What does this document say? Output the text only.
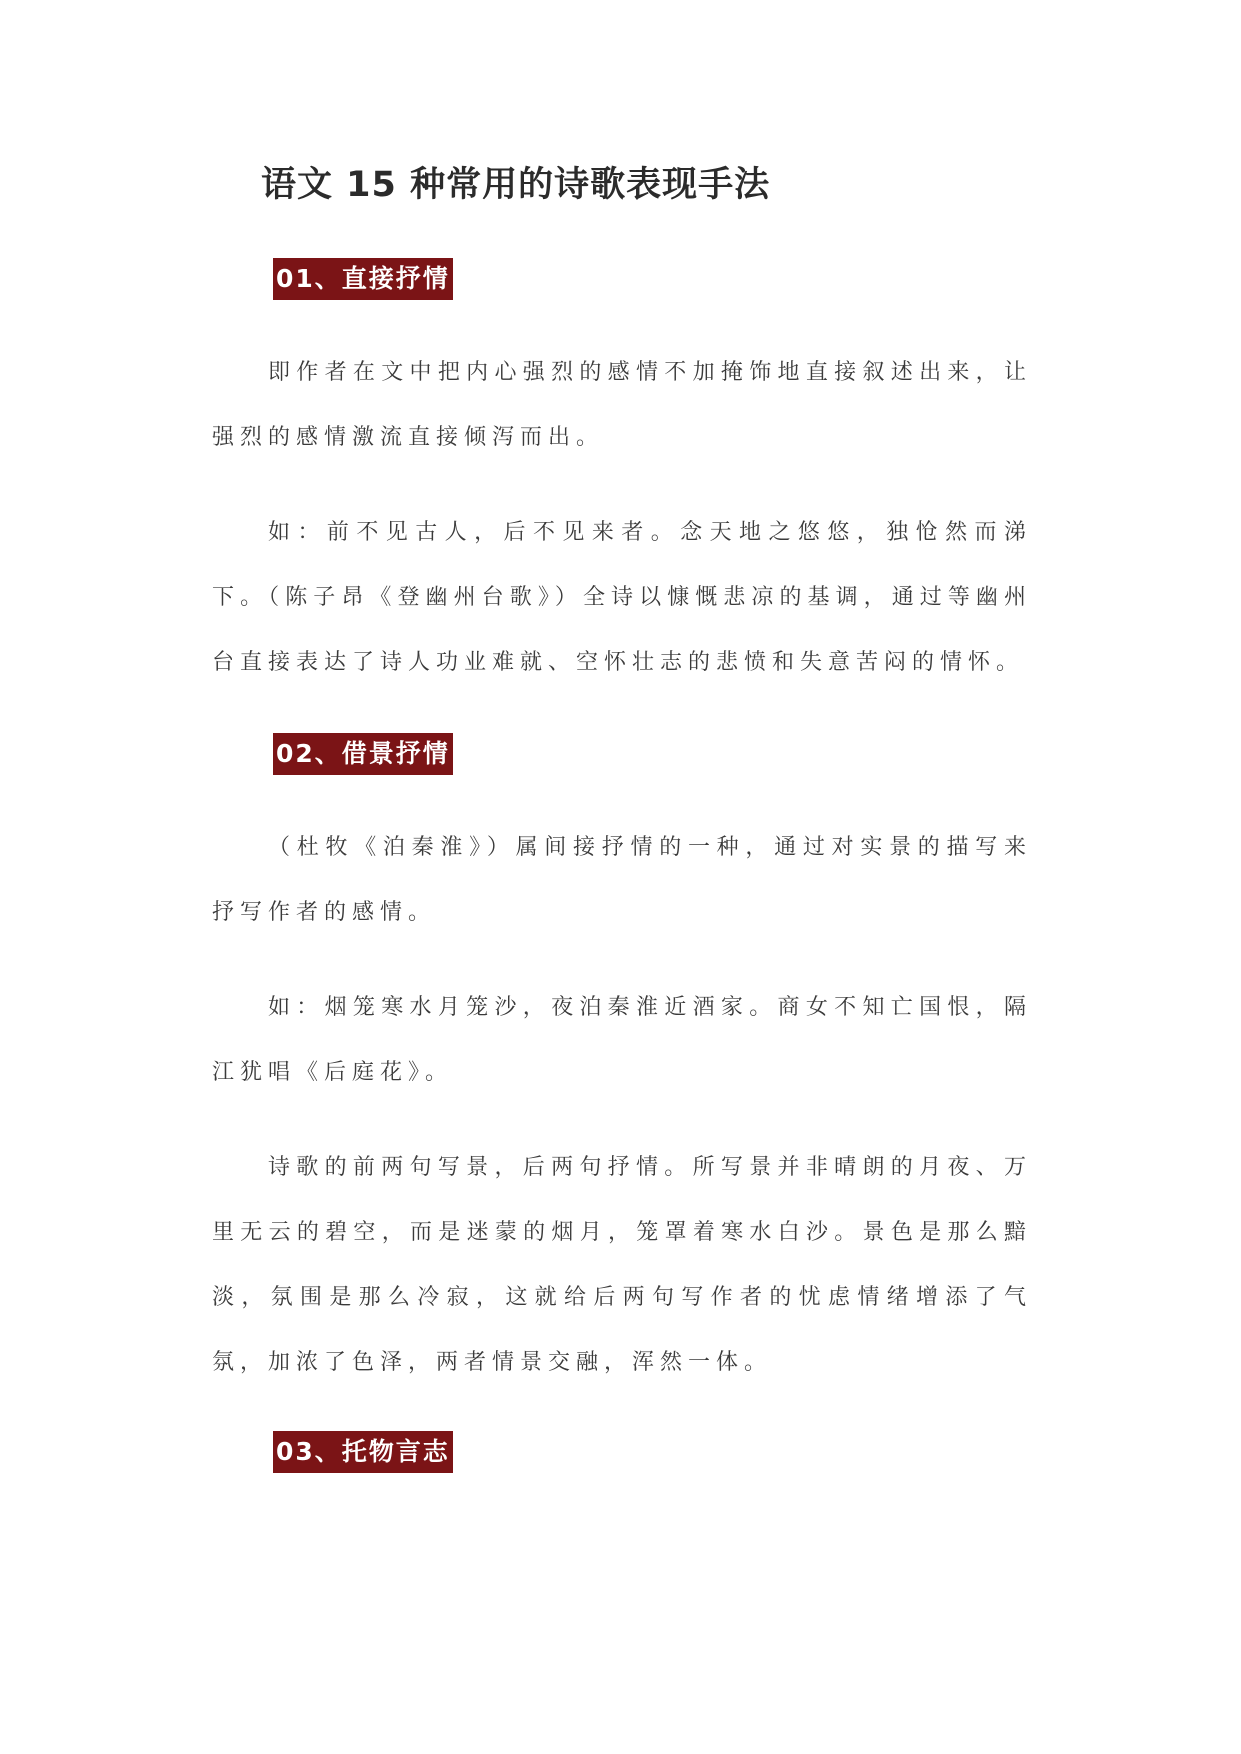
语文 15 种常用的诗歌表现手法
01、直接抒情

即作者在文中把内心强烈的感情不加掩饰地直接叙述出来，让强烈的感情激流直接倾泻而出。

如：前不见古人，后不见来者。念天地之悠悠，独怆然而涕下。（陈子昂《登幽州台歌》）全诗以慷慨悲凉的基调，通过等幽州台直接表达了诗人功业难就、空怀壮志的悲愤和失意苦闷的情怀。

02、借景抒情

（杜牧《泊秦淮》）属间接抒情的一种，通过对实景的描写来抒写作者的感情。

如：烟笼寒水月笼沙，夜泊秦淮近酒家。商女不知亡国恨，隔江犹唱《后庭花》。

诗歌的前两句写景，后两句抒情。所写景并非晴朗的月夜、万里无云的碧空，而是迷蒙的烟月，笼罩着寒水白沙。景色是那么黯淡，氛围是那么冷寂，这就给后两句写作者的忧虑情绪增添了气氛，加浓了色泽，两者情景交融，浑然一体。

03、托物言志
